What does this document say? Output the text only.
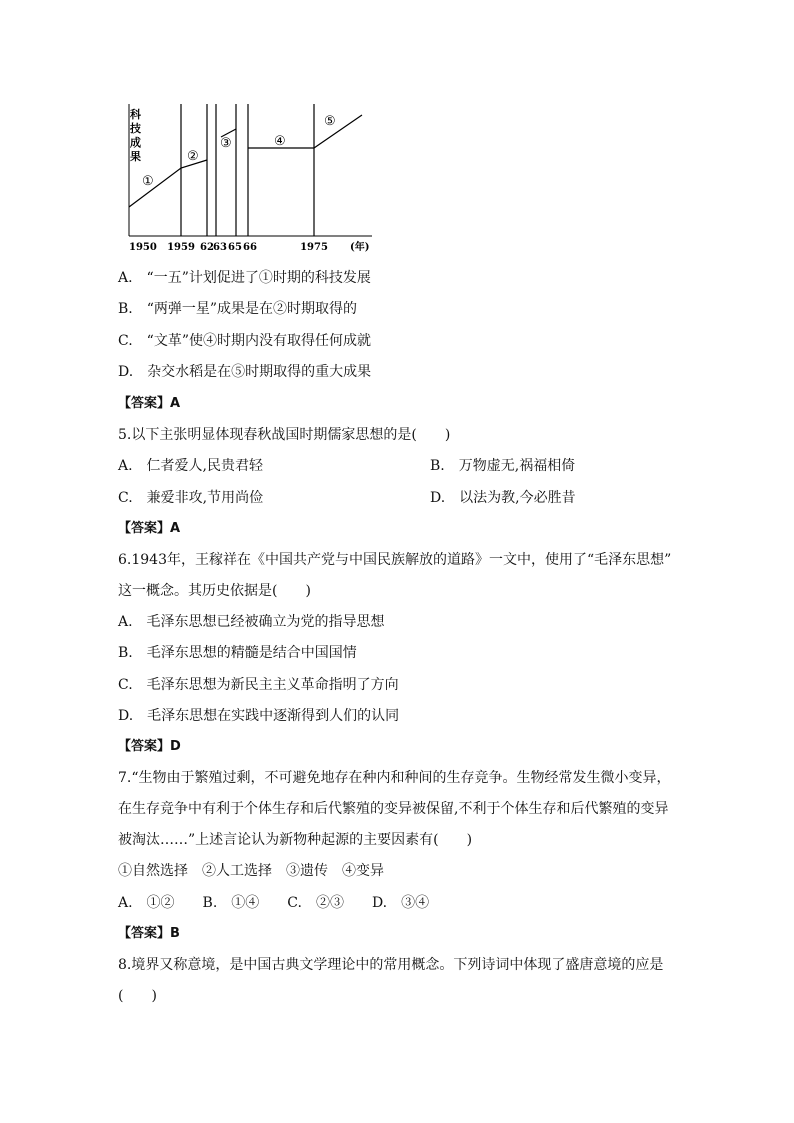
科
技
成
果
①
②
③	④
⑤
1950 1959 62 63 65 66	1975 (年)
A.　“一五”计划促进了①时期的科技发展
B.　“两弹一星”成果是在②时期取得的
C.　“文革”使④时期内没有取得任何成就
D.　杂交水稻是在⑤时期取得的重大成果
【答案】A
5.以下主张明显体现春秋战国时期儒家思想的是(　　)
A.　仁者爱人,民贵君轻	B.　万物虚无,祸福相倚
C.　兼爱非攻,节用尚俭	D.　以法为教,今必胜昔
【答案】A
6.1943年，王稼祥在《中国共产党与中国民族解放的道路》一文中，使用了“毛泽东思想”
这一概念。其历史依据是(　　)
A.　毛泽东思想已经被确立为党的指导思想
B.　毛泽东思想的精髓是结合中国国情
C.　毛泽东思想为新民主主义革命指明了方向
D.　毛泽东思想在实践中逐渐得到人们的认同
【答案】D
7.“生物由于繁殖过剩，不可避免地存在种内和种间的生存竞争。生物经常发生微小变异，
在生存竞争中有利于个体生存和后代繁殖的变异被保留,不利于个体生存和后代繁殖的变异
被淘汰……”上述言论认为新物种起源的主要因素有(　　)
①自然选择　②人工选择　③遗传　④变异
A.　①②　　B.　①④　　C.　②③　　D.　③④
【答案】B
8.境界又称意境，是中国古典文学理论中的常用概念。下列诗词中体现了盛唐意境的应是
(　　)
